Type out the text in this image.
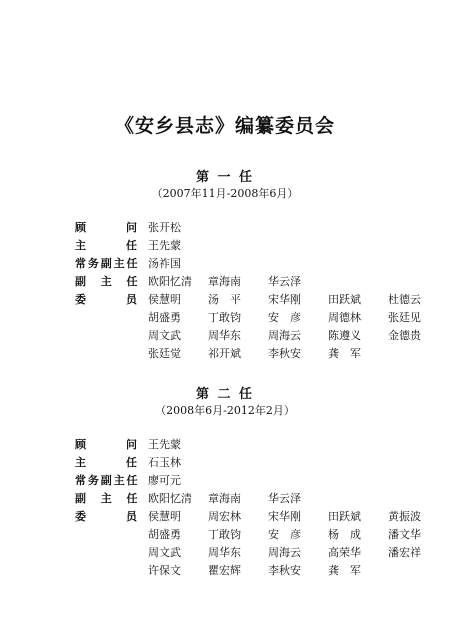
《安乡县志》编纂委员会
第 一 任
（2007年11月-2008年6月）
顾　问 张开松
主　任 王先蒙
常务副主任 汤祚国
副 主 任 欧阳忆清 章海南 华云泽
委　员 侯慧明 汤　平 宋华刚 田跃斌 杜德云
胡盛勇 丁敢钧 安　彦 周德林 张廷见
周文武 周华东 周海云 陈遵义 金德贵
张廷觉 祁开斌 李秋安 龚　军
第 二 任
（2008年6月-2012年2月）
顾　问 王先蒙
主　任 石玉林
常务副主任 廖可元
副 主 任 欧阳忆清 章海南 华云泽
委　员 侯慧明 周宏林 宋华刚 田跃斌 黄振波
胡盛勇 丁敢钧 安　彦 杨　成 潘文华
周文武 周华东 周海云 高荣华 潘宏祥
许保文 瞿宏辉 李秋安 龚　军
